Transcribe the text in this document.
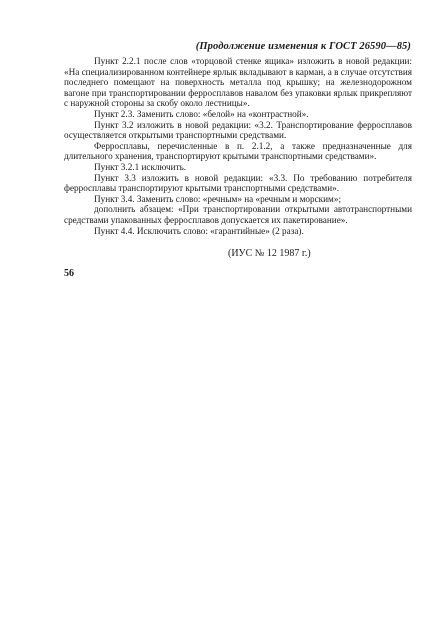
(Продолжение изменения к ГОСТ 26590—85)

Пункт 2.2.1 после слов «торцовой стенке ящика» изложить в новой редакции: «На специализированном контейнере ярлык вкладывают в карман, а в случае отсутствия последнего помещают на поверхность металла под крышку; на железнодорожном вагоне при транспортировании ферросплавов навалом без упаковки ярлык прикрепляют с наружной стороны за скобу около лестницы».

Пункт 2.3. Заменить слово: «белой» на «контрастной».

Пункт 3.2 изложить в новой редакции: «3.2. Транспортирование ферросплавов осуществляется открытыми транспортными средствами.

Ферросплавы, перечисленные в п. 2.1.2, а также предназначенные для длительного хранения, транспортируют крытыми транспортными средствами».

Пункт 3.2.1 исключить.

Пункт 3.3 изложить в новой редакции: «3.3. По требованию потребителя ферросплавы транспортируют крытыми транспортными средствами».

Пункт 3.4. Заменить слово: «речным» на «речным и морским»;

дополнить абзацем: «При транспортировании открытыми автотранспортными средствами упакованных ферросплавов допускается их пакетирование».

Пункт 4.4. Исключить слово: «гарантийные» (2 раза).

(ИУС № 12 1987 г.)
56
